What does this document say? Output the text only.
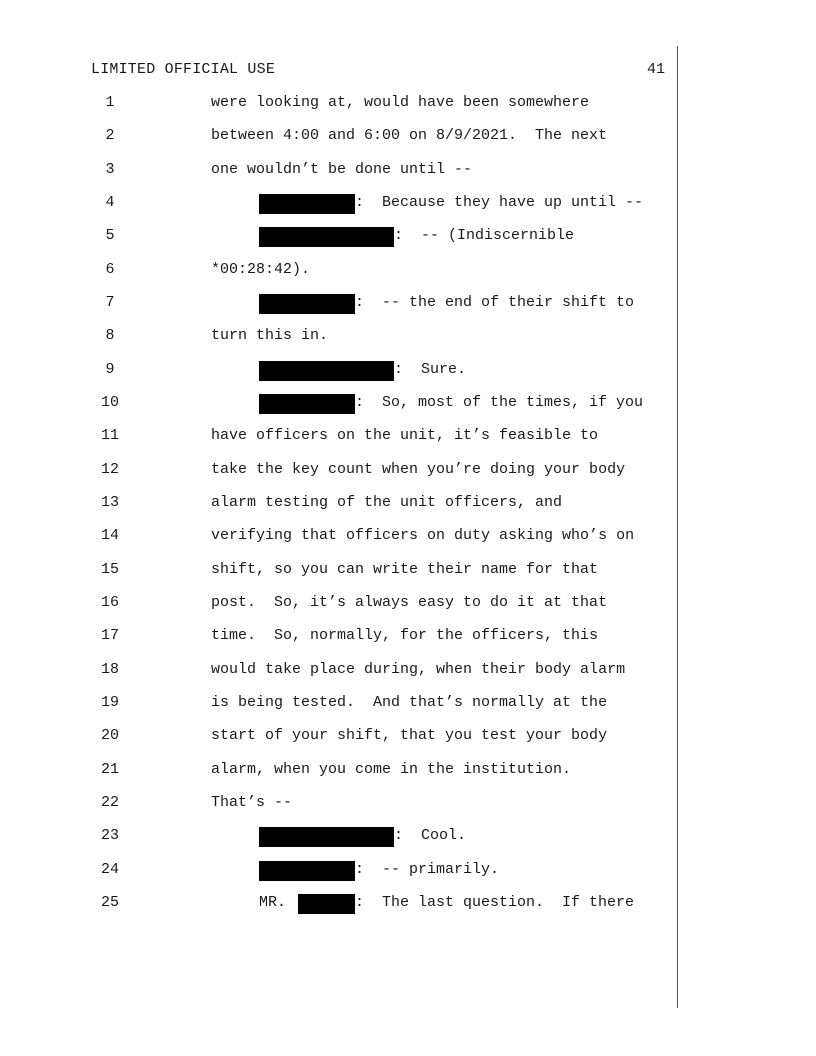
LIMITED OFFICIAL USE	41

1

	were looking at, would have been somewhere

2

	between 4:00 and 6:00 on 8/9/2021.  The next

3

	one wouldn’t be done until --

4

	:  Because they have up until --

5

	:  -- (Indiscernible

6

	*00:28:42).

7

	:  -- the end of their shift to

8

	turn this in.

9

	:  Sure.

10

	:  So, most of the times, if you

11

	have officers on the unit, it’s feasible to

12

	take the key count when you’re doing your body

13

	alarm testing of the unit officers, and

14

	verifying that officers on duty asking who’s on

15

	shift, so you can write their name for that

16

	post.  So, it’s always easy to do it at that

17

	time.  So, normally, for the officers, this

18

	would take place during, when their body alarm

19

	is being tested.  And that’s normally at the

20

	start of your shift, that you test your body

21

	alarm, when you come in the institution.

22

	That’s --

23

	:  Cool.

24

	:  -- primarily.

25

	MR.

	:  The last question.  If there
